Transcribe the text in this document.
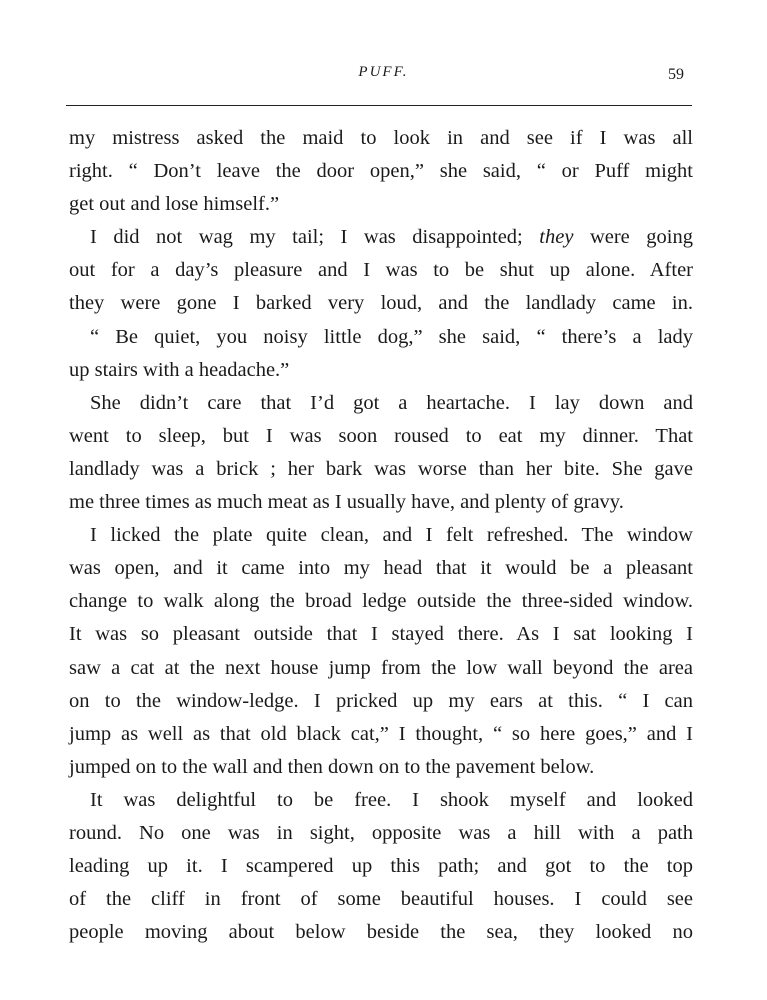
PUFF.	59
my mistress asked the maid to look in and see if I was all
right. “ Don’t leave the door open,” she said, “ or Puff might
get out and lose himself.”
I did not wag my tail; I was disappointed; they were going
out for a day’s pleasure and I was to be shut up alone. After
they were gone I barked very loud, and the landlady came in.
“ Be quiet, you noisy little dog,” she said, “ there’s a lady
up stairs with a headache.”
She didn’t care that I’d got a heartache. I lay down and
went to sleep, but I was soon roused to eat my dinner. That
landlady was a brick ; her bark was worse than her bite. She gave
me three times as much meat as I usually have, and plenty of gravy.
I licked the plate quite clean, and I felt refreshed. The window
was open, and it came into my head that it would be a pleasant
change to walk along the broad ledge outside the three-sided window.
It was so pleasant outside that I stayed there. As I sat looking I
saw a cat at the next house jump from the low wall beyond the area
on to the window-ledge. I pricked up my ears at this. “ I can
jump as well as that old black cat,” I thought, “ so here goes,” and I
jumped on to the wall and then down on to the pavement below.
It was delightful to be free. I shook myself and looked
round. No one was in sight, opposite was a hill with a path
leading up it. I scampered up this path; and got to the top
of the cliff in front of some beautiful houses. I could see
people moving about below beside the sea, they looked no
